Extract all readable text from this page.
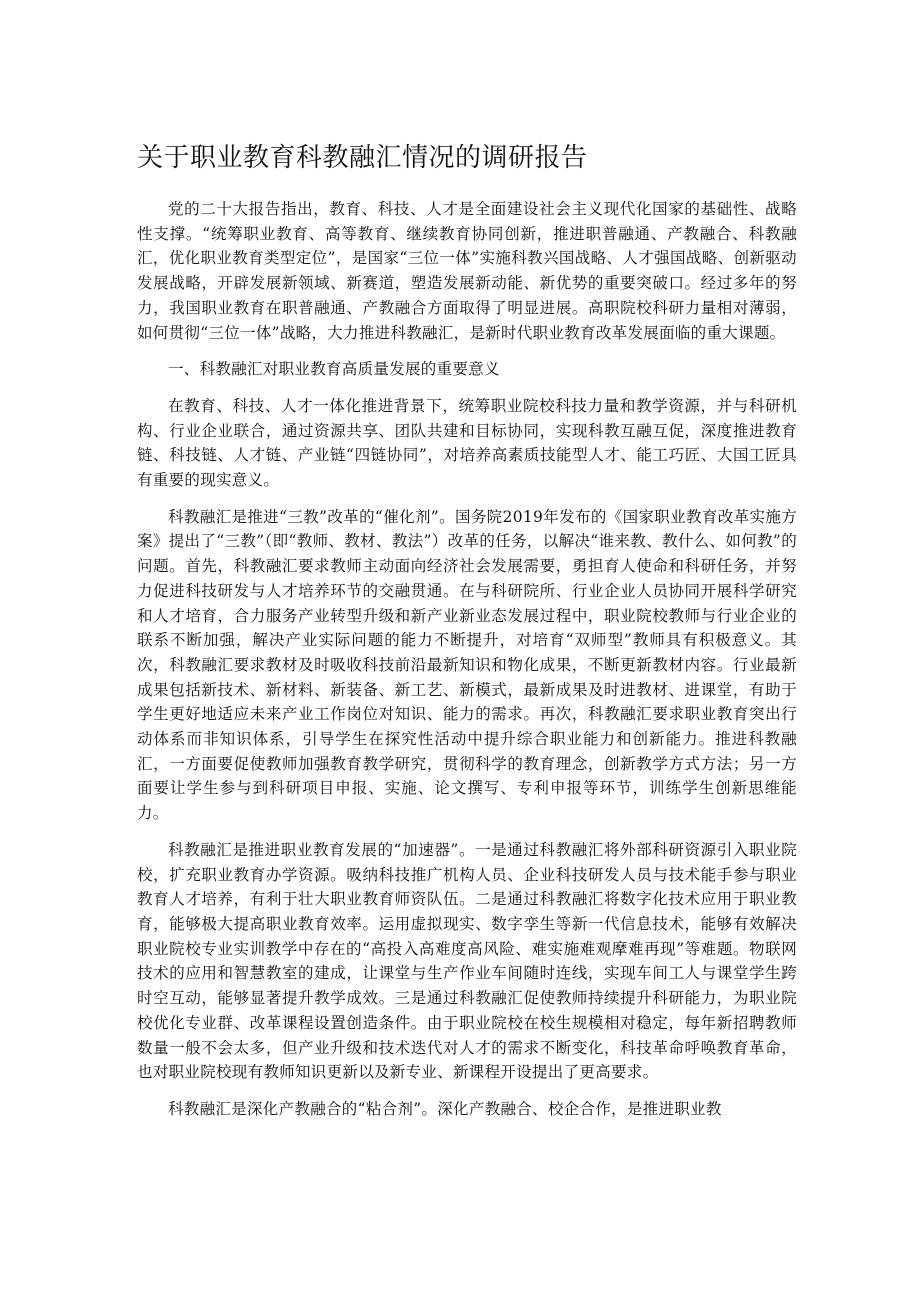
关于职业教育科教融汇情况的调研报告

党的二十大报告指出，教育、科技、人才是全面建设社会主义现代化国家的基础性、战略性支撑。“统筹职业教育、高等教育、继续教育协同创新，推进职普融通、产教融合、科教融汇，优化职业教育类型定位”，是国家“三位一体”实施科教兴国战略、人才强国战略、创新驱动发展战略，开辟发展新领域、新赛道，塑造发展新动能、新优势的重要突破口。经过多年的努力，我国职业教育在职普融通、产教融合方面取得了明显进展。高职院校科研力量相对薄弱，如何贯彻“三位一体”战略，大力推进科教融汇，是新时代职业教育改革发展面临的重大课题。

一、科教融汇对职业教育高质量发展的重要意义

在教育、科技、人才一体化推进背景下，统筹职业院校科技力量和教学资源，并与科研机构、行业企业联合，通过资源共享、团队共建和目标协同，实现科教互融互促，深度推进教育链、科技链、人才链、产业链“四链协同”，对培养高素质技能型人才、能工巧匠、大国工匠具有重要的现实意义。

科教融汇是推进“三教”改革的“催化剂”。国务院2019年发布的《国家职业教育改革实施方案》提出了“三教”（即“教师、教材、教法”）改革的任务，以解决“谁来教、教什么、如何教”的问题。首先，科教融汇要求教师主动面向经济社会发展需要，勇担育人使命和科研任务，并努力促进科技研发与人才培养环节的交融贯通。在与科研院所、行业企业人员协同开展科学研究和人才培育，合力服务产业转型升级和新产业新业态发展过程中，职业院校教师与行业企业的联系不断加强，解决产业实际问题的能力不断提升，对培育“双师型”教师具有积极意义。其次，科教融汇要求教材及时吸收科技前沿最新知识和物化成果，不断更新教材内容。行业最新成果包括新技术、新材料、新装备、新工艺、新模式，最新成果及时进教材、进课堂，有助于学生更好地适应未来产业工作岗位对知识、能力的需求。再次，科教融汇要求职业教育突出行动体系而非知识体系，引导学生在探究性活动中提升综合职业能力和创新能力。推进科教融汇，一方面要促使教师加强教育教学研究，贯彻科学的教育理念，创新教学方式方法；另一方面要让学生参与到科研项目申报、实施、论文撰写、专利申报等环节，训练学生创新思维能力。

科教融汇是推进职业教育发展的“加速器”。一是通过科教融汇将外部科研资源引入职业院校，扩充职业教育办学资源。吸纳科技推广机构人员、企业科技研发人员与技术能手参与职业教育人才培养，有利于壮大职业教育师资队伍。二是通过科教融汇将数字化技术应用于职业教育，能够极大提高职业教育效率。运用虚拟现实、数字孪生等新一代信息技术，能够有效解决职业院校专业实训教学中存在的“高投入高难度高风险、难实施难观摩难再现”等难题。物联网技术的应用和智慧教室的建成，让课堂与生产作业车间随时连线，实现车间工人与课堂学生跨时空互动，能够显著提升教学成效。三是通过科教融汇促使教师持续提升科研能力，为职业院校优化专业群、改革课程设置创造条件。由于职业院校在校生规模相对稳定，每年新招聘教师数量一般不会太多，但产业升级和技术迭代对人才的需求不断变化，科技革命呼唤教育革命，也对职业院校现有教师知识更新以及新专业、新课程开设提出了更高要求。

科教融汇是深化产教融合的“粘合剂”。深化产教融合、校企合作，是推进职业教
